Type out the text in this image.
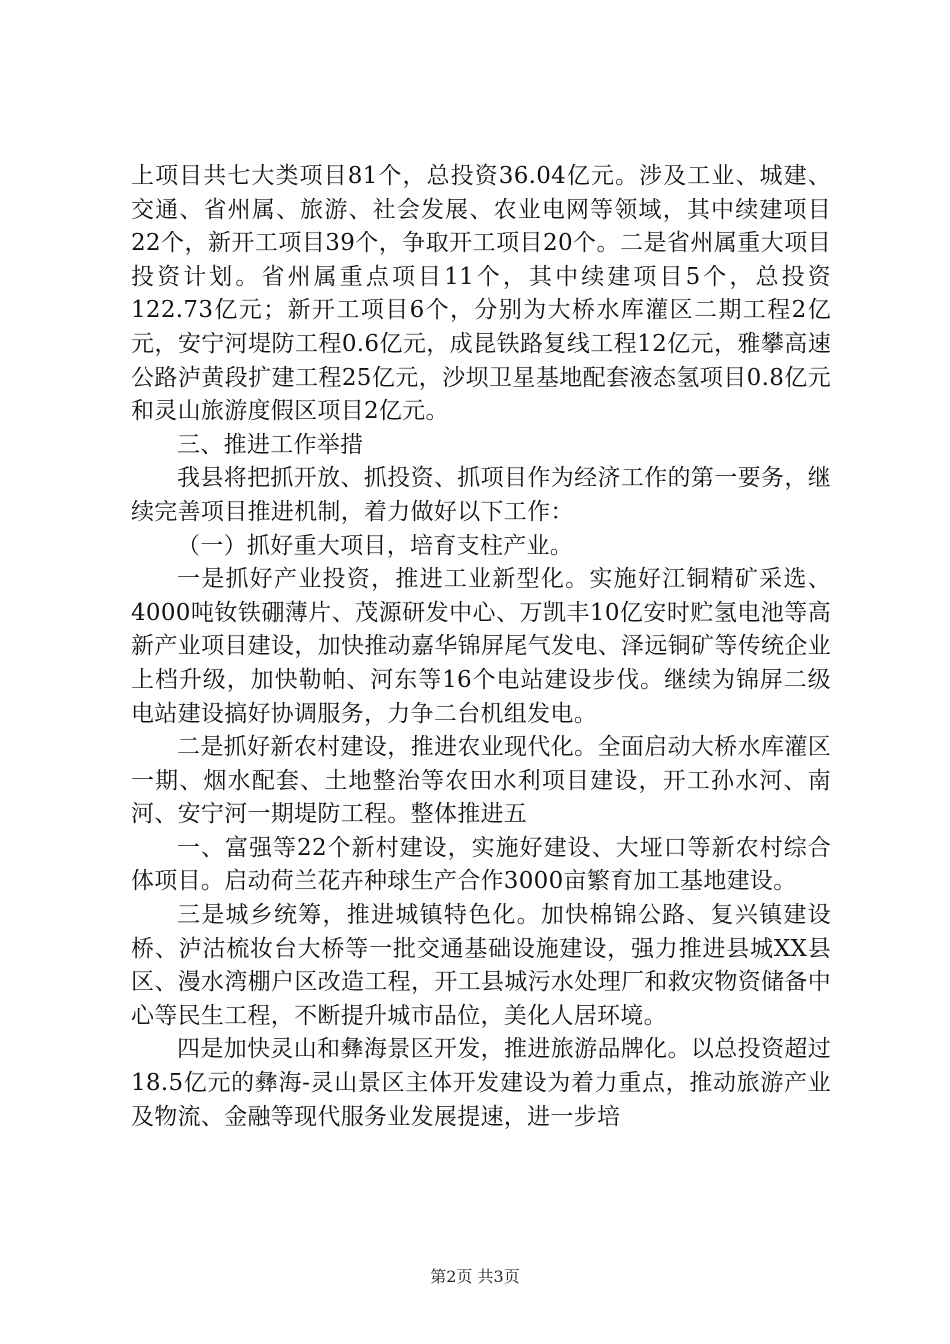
上项目共七大类项目81个，总投资36.04亿元。涉及工业、城建、交通、省州属、旅游、社会发展、农业电网等领域，其中续建项目22个，新开工项目39个，争取开工项目20个。二是省州属重大项目投资计划。省州属重点项目11个，其中续建项目5个，总投资122.73亿元；新开工项目6个，分别为大桥水库灌区二期工程2亿元，安宁河堤防工程0.6亿元，成昆铁路复线工程12亿元，雅攀高速公路泸黄段扩建工程25亿元，沙坝卫星基地配套液态氢项目0.8亿元和灵山旅游度假区项目2亿元。

三、推进工作举措

我县将把抓开放、抓投资、抓项目作为经济工作的第一要务，继续完善项目推进机制，着力做好以下工作：

（一）抓好重大项目，培育支柱产业。

一是抓好产业投资，推进工业新型化。实施好江铜精矿采选、4000吨钕铁硼薄片、茂源研发中心、万凯丰10亿安时贮氢电池等高新产业项目建设，加快推动嘉华锦屏尾气发电、泽远铜矿等传统企业上档升级，加快勒帕、河东等16个电站建设步伐。继续为锦屏二级电站建设搞好协调服务，力争二台机组发电。

二是抓好新农村建设，推进农业现代化。全面启动大桥水库灌区一期、烟水配套、土地整治等农田水利项目建设，开工孙水河、南河、安宁河一期堤防工程。整体推进五

一、富强等22个新村建设，实施好建设、大垭口等新农村综合体项目。启动荷兰花卉种球生产合作3000亩繁育加工基地建设。

三是城乡统筹，推进城镇特色化。加快棉锦公路、复兴镇建设桥、泸沽梳妆台大桥等一批交通基础设施建设，强力推进县城XX县区、漫水湾棚户区改造工程，开工县城污水处理厂和救灾物资储备中心等民生工程，不断提升城市品位，美化人居环境。

四是加快灵山和彝海景区开发，推进旅游品牌化。以总投资超过18.5亿元的彝海-灵山景区主体开发建设为着力重点，推动旅游产业及物流、金融等现代服务业发展提速，进一步培

第2页 共3页
